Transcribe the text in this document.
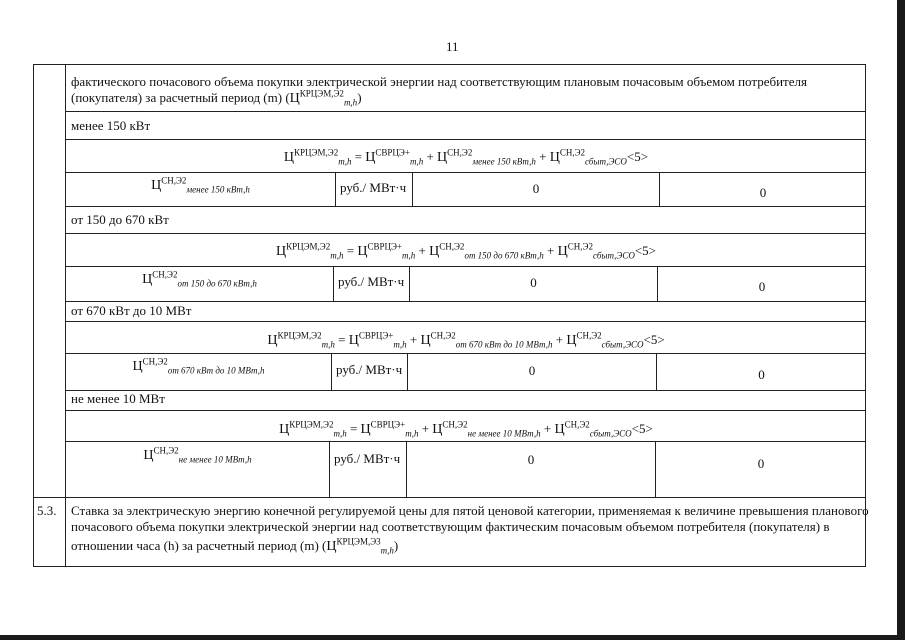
11
фактического почасового объема покупки электрической энергии над соответствующим плановым почасовым объемом потребителя
(покупателя) за расчетный период (m) $(Ц^{КРЦЭМ,Э2}_{m,h})$
менее 150 кВт
$Ц^{КРЦЭМ,Э2}_{m,h} = Ц^{СВРЦЭ+}_{m,h} + Ц^{СН,Э2}_{менее 150 кВт,h} + Ц^{СН,Э2}_{сбыт,ЭСО}<5>$
$Ц^{СН,Э2}_{менее 150 кВт,h}$	руб./ МВт·ч	0	0
от 150 до 670 кВт
$Ц^{КРЦЭМ,Э2}_{m,h} = Ц^{СВРЦЭ+}_{m,h} + Ц^{СН,Э2}_{от 150 до 670 кВт,h} + Ц^{СН,Э2}_{сбыт,ЭСО}<5>$
$Ц^{СН,Э2}_{от 150 до 670 кВт,h}$	руб./ МВт·ч	0	0
от 670 кВт до 10 МВт
$Ц^{КРЦЭМ,Э2}_{m,h} = Ц^{СВРЦЭ+}_{m,h} + Ц^{СН,Э2}_{от 670 кВт до 10 МВт,h} + Ц^{СН,Э2}_{сбыт,ЭСО}<5>$
$Ц^{СН,Э2}_{от 670 кВт до 10 МВт,h}$	руб./ МВт·ч	0	0
не менее 10 МВт
$Ц^{КРЦЭМ,Э2}_{m,h} = Ц^{СВРЦЭ+}_{m,h} + Ц^{СН,Э2}_{не менее 10 МВт,h} + Ц^{СН,Э2}_{сбыт,ЭСО}<5>$
$Ц^{СН,Э2}_{не менее 10 МВт,h}$	руб./ МВт·ч	0	0
5.3. Ставка за электрическую энергию конечной регулируемой цены для пятой ценовой категории, применяемая к величине превышения планового
почасового объема покупки электрической энергии над соответствующим фактическим почасовым объемом потребителя (покупателя) в
отношении часа (h) за расчетный период (m) $(Ц^{КРЦЭМ,Э3}_{m,h})$
